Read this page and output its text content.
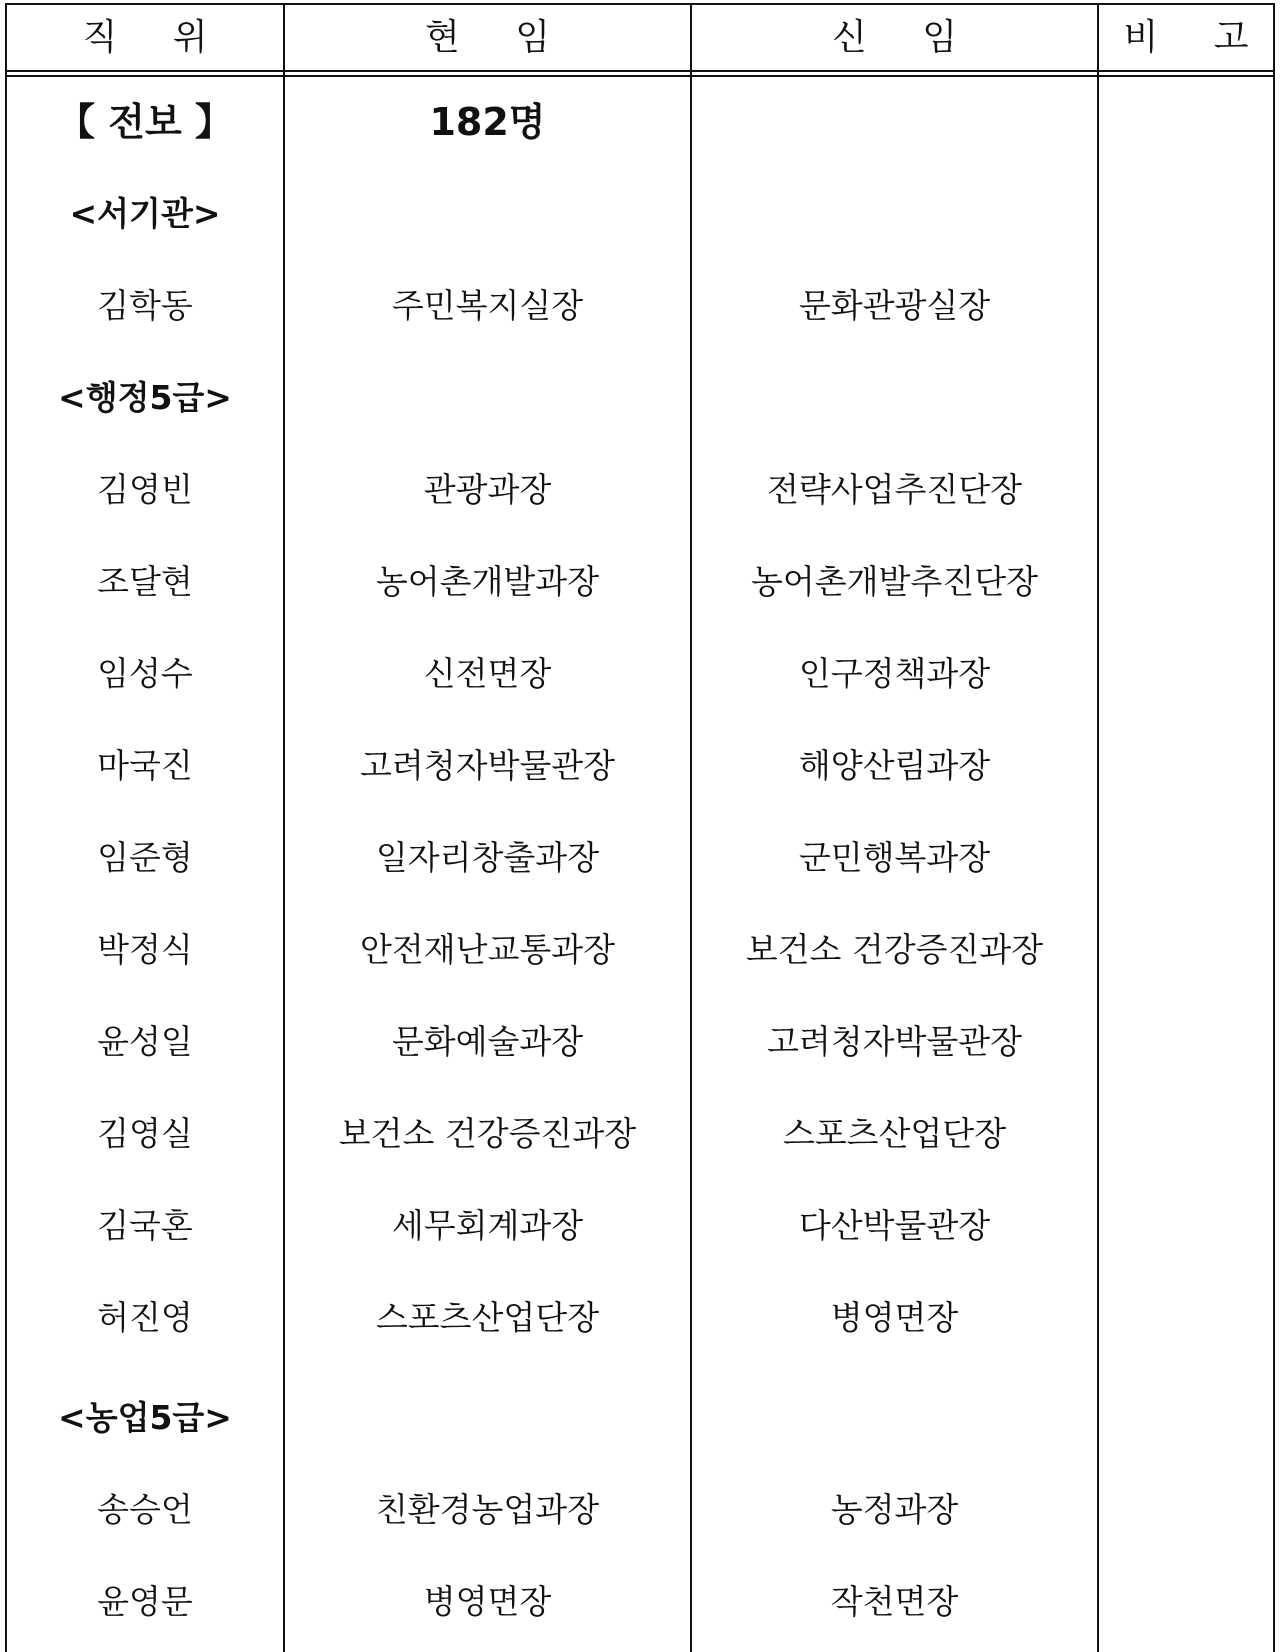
직 위	현 임	신 임	비 고
【 전보 】	182명
<서기관>
김학동	주민복지실장	문화관광실장
<행정5급>
김영빈	관광과장	전략사업추진단장
조달현	농어촌개발과장	농어촌개발추진단장
임성수	신전면장	인구정책과장
마국진	고려청자박물관장	해양산림과장
임준형	일자리창출과장	군민행복과장
박정식	안전재난교통과장	보건소 건강증진과장
윤성일	문화예술과장	고려청자박물관장
김영실	보건소 건강증진과장	스포츠산업단장
김국혼	세무회계과장	다산박물관장
허진영	스포츠산업단장	병영면장
<농업5급>
송승언	친환경농업과장	농정과장
윤영문	병영면장	작천면장
